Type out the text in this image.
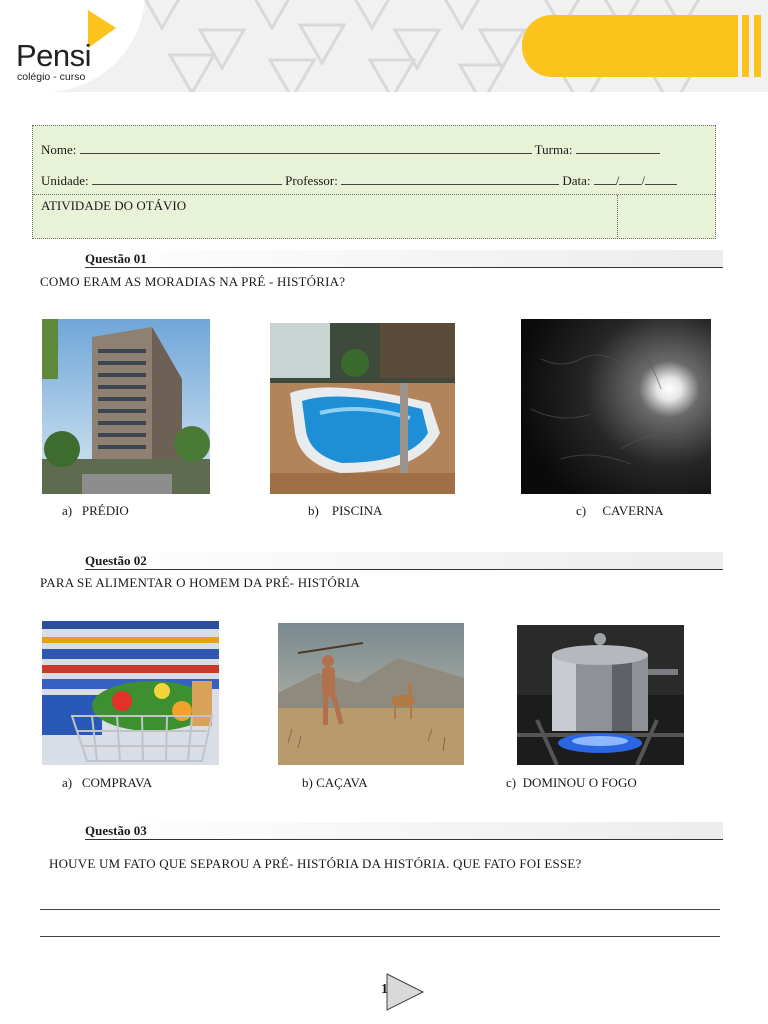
Pensi
colégio - curso
Nome:	Turma:
Unidade:	Professor:	Data: / /
ATIVIDADE DO OTÁVIO
Questão 01
COMO ERAM AS MORADIAS NA PRÉ - HISTÓRIA?
a) PRÉDIO	b) PISCINA	c) CAVERNA
Questão 02
PARA SE ALIMENTAR O HOMEM DA PRÉ- HISTÓRIA
a) COMPRAVA	b) CAÇAVA	c) DOMINOU O FOGO
Questão 03
HOUVE UM FATO QUE SEPAROU A PRÉ- HISTÓRIA DA HISTÓRIA. QUE FATO FOI ESSE?
1
